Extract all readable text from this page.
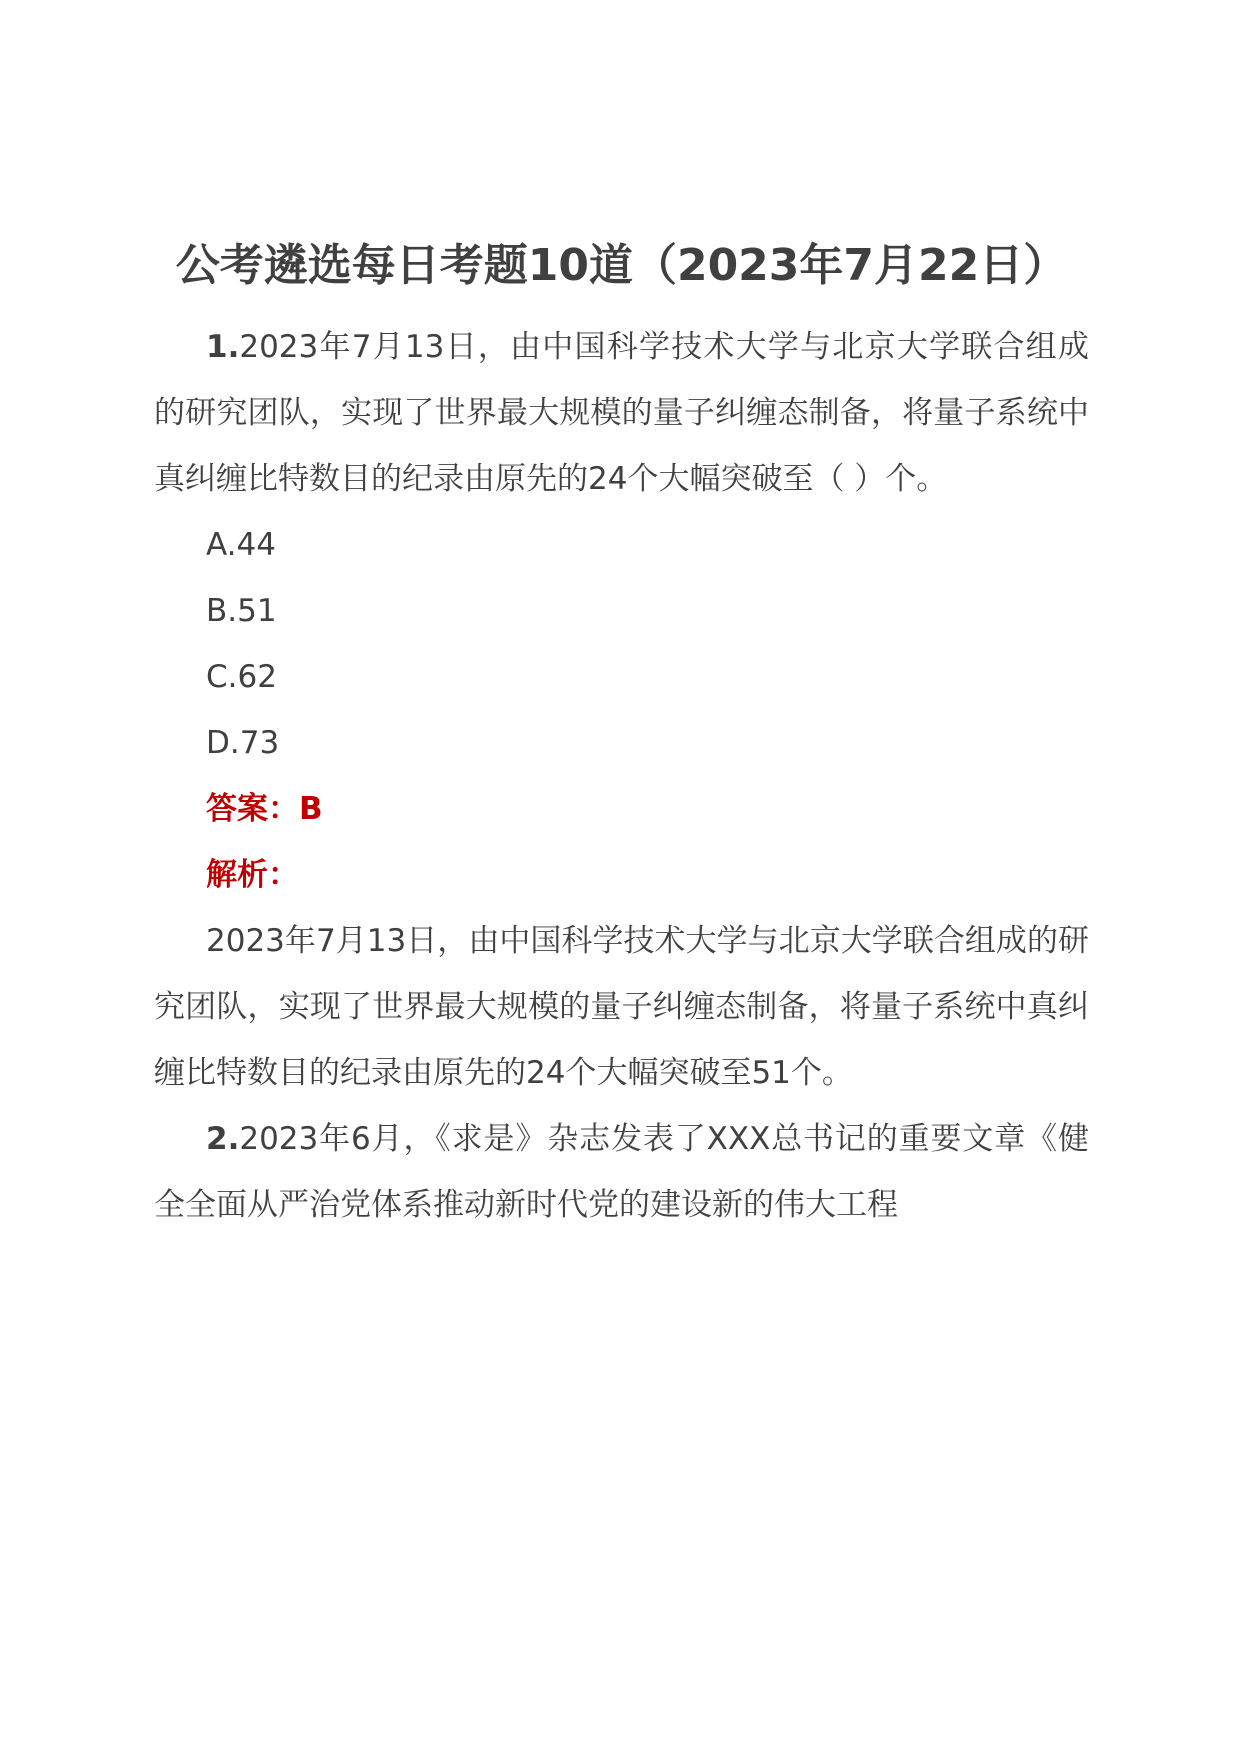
公考遴选每日考题10道（2023年7月22日）

1.2023年7月13日，由中国科学技术大学与北京大学联合组成的研究团队，实现了世界最大规模的量子纠缠态制备，将量子系统中真纠缠比特数目的纪录由原先的24个大幅突破至（ ）个。

A.44

B.51

C.62

D.73

答案：B

解析：

2023年7月13日，由中国科学技术大学与北京大学联合组成的研究团队，实现了世界最大规模的量子纠缠态制备，将量子系统中真纠缠比特数目的纪录由原先的24个大幅突破至51个。

2.2023年6月，《求是》杂志发表了XXX总书记的重要文章《健全全面从严治党体系推动新时代党的建设新的伟大工程
